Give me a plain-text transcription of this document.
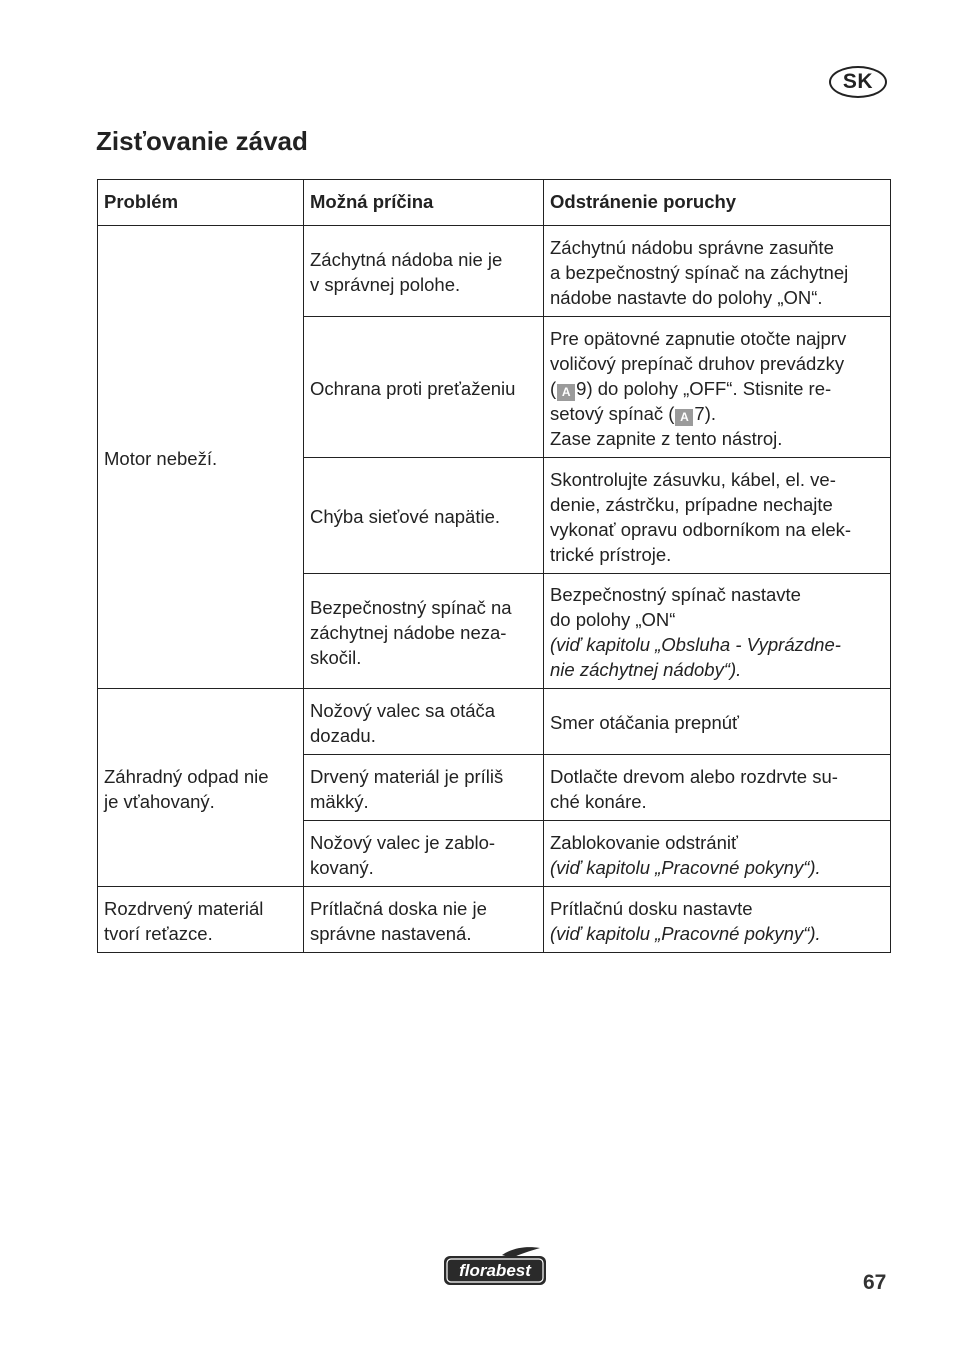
SK
Zisťovanie závad
Problém	Možná príčina	Odstránenie poruchy

Motor nebeží.	Záchytná nádoba nie je
v správnej polohe.	Záchytnú nádobu správne zasuňte
a bezpečnostný spínač na záchytnej
nádobe nastavte do polohy „ON“.

	Ochrana proti preťaženiu	Pre opätovné zapnutie otočte najprv
voličový prepínač druhov prevádzky
( A 9) do polohy „OFF“. Stisnite re-
setový spínač ( A 7).
Zase zapnite z tento nástroj.

	Chýba sieťové napätie.	Skontrolujte zásuvku, kábel, el. ve-
denie, zástrčku, prípadne nechajte
vykonať opravu odborníkom na elek-
trické prístroje.

	Bezpečnostný spínač na
záchytnej nádobe neza-
skočil.	Bezpečnostný spínač nastavte
do polohy „ON“
(viď kapitolu „Obsluha - Vyprázdne-
nie záchytnej nádoby“).

Záhradný odpad nie
je vťahovaný.	Nožový valec sa otáča
dozadu.	Smer otáčania prepnúť

	Drvený materiál je príliš
mäkký.	Dotlačte drevom alebo rozdrvte su-
ché konáre.

	Nožový valec je zablo-
kovaný.	Zablokovanie odstrániť
(viď kapitolu „Pracovné pokyny“).

Rozdrvený materiál
tvorí reťazce.	Prítlačná doska nie je
správne nastavená.	Prítlačnú dosku nastavte
(viď kapitolu „Pracovné pokyny“).
florabest
67
